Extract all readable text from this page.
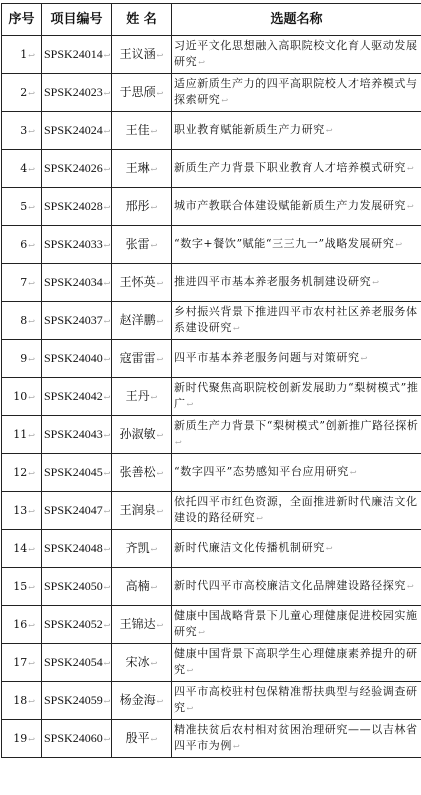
序号	项目编号	姓 名	选题名称
1↩	SPSK24014↩	王议涵↩	习近平文化思想融入高职院校文化育人驱动发展研究↩
2↩	SPSK24023↩	于思颀↩	适应新质生产力的四平高职院校人才培养模式与探索研究↩
3↩	SPSK24024↩	王佳↩	职业教育赋能新质生产力研究↩
4↩	SPSK24026↩	王琳↩	新质生产力背景下职业教育人才培养模式研究↩
5↩	SPSK24028↩	邢彤↩	城市产教联合体建设赋能新质生产力发展研究↩
6↩	SPSK24033↩	张雷↩	“数字+餐饮”赋能“三三九一”战略发展研究↩
7↩	SPSK24034↩	王怀英↩	推进四平市基本养老服务机制建设研究↩
8↩	SPSK24037↩	赵洋鹏↩	乡村振兴背景下推进四平市农村社区养老服务体系建设研究↩
9↩	SPSK24040↩	寇雷雷↩	四平市基本养老服务问题与对策研究↩
10↩	SPSK24042↩	王丹↩	新时代聚焦高职院校创新发展助力“梨树模式”推广↩
11↩	SPSK24043↩	孙淑敏↩	新质生产力背景下“梨树模式”创新推广路径探析↩
12↩	SPSK24045↩	张善松↩	“数字四平”态势感知平台应用研究↩
13↩	SPSK24047↩	王润泉↩	依托四平市红色资源，全面推进新时代廉洁文化建设的路径研究↩
14↩	SPSK24048↩	齐凯↩	新时代廉洁文化传播机制研究↩
15↩	SPSK24050↩	高楠↩	新时代四平市高校廉洁文化品牌建设路径探究↩
16↩	SPSK24052↩	王锦达↩	健康中国战略背景下儿童心理健康促进校园实施研究↩
17↩	SPSK24054↩	宋冰↩	健康中国背景下高职学生心理健康素养提升的研究↩
18↩	SPSK24059↩	杨金海↩	四平市高校驻村包保精准帮扶典型与经验调查研究↩
19↩	SPSK24060↩	殷平↩	精准扶贫后农村相对贫困治理研究——以吉林省四平市为例↩
